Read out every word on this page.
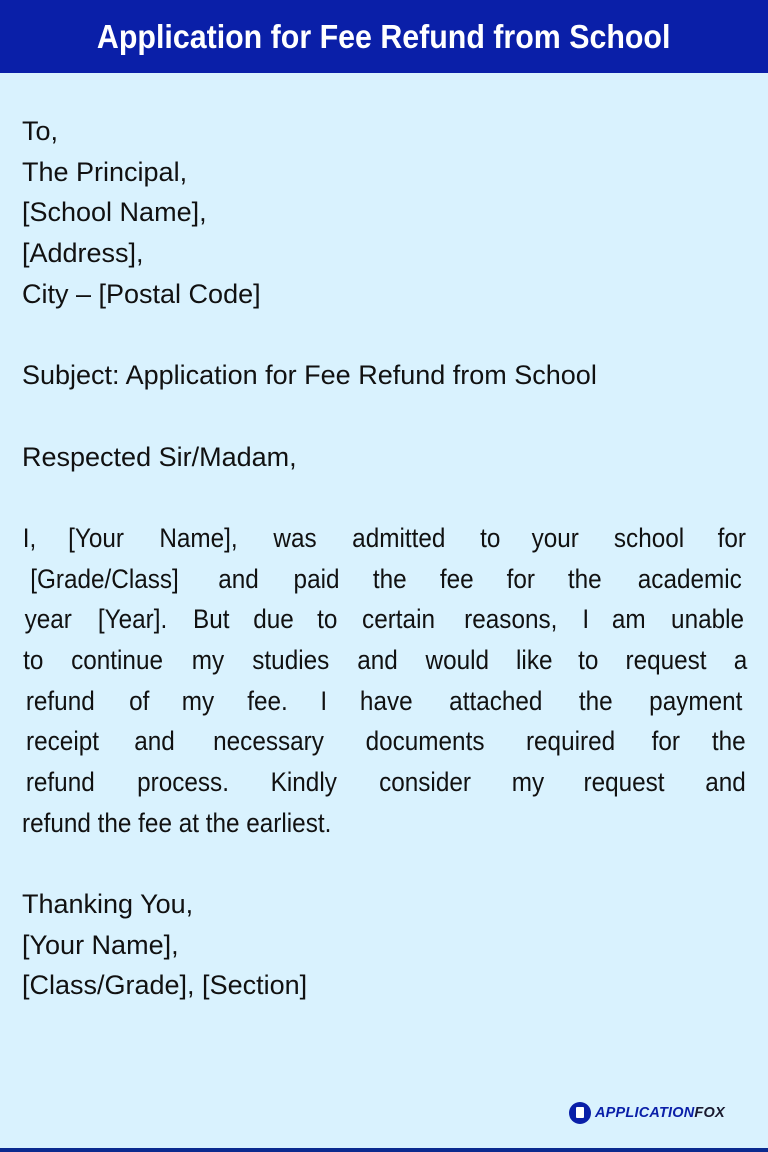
Application for Fee Refund from School
To,
The Principal,
[School Name],
[Address],
City – [Postal Code]
Subject: Application for Fee Refund from School
Respected Sir/Madam,
I, [Your Name], was admitted to your school for
[Grade/Class] and paid the fee for the academic
year [Year]. But due to certain reasons, I am unable
to continue my studies and would like to request a
refund of my fee. I have attached the payment
receipt and necessary documents required for the
refund process. Kindly consider my request and
refund the fee at the earliest.
Thanking You,
[Your Name],
[Class/Grade], [Section]
APPLICATIONFOX
